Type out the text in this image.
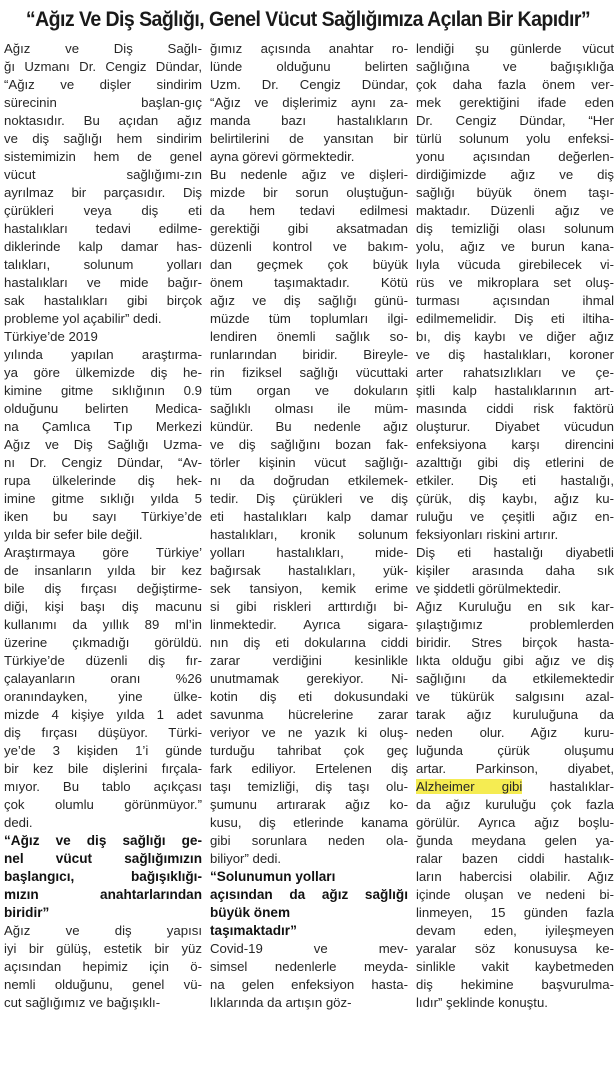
“Ağız Ve Diş Sağlığı, Genel Vücut Sağlığımıza Açılan Bir Kapıdır”
Ağız ve Diş Sağlı-
ğı Uzmanı Dr. Cengiz Dündar,
“Ağız ve dişler sindirim
sürecinin başlan-gıç
noktasıdır. Bu açıdan ağız
ve diş sağlığı hem sindirim
sistemimizin hem de genel
vücut sağlığımı-zın
ayrılmaz bir parçasıdır. Diş
çürükleri veya diş eti
hastalıkları tedavi edilme-
diklerinde kalp damar has-
talıkları, solunum yolları
hastalıkları ve mide bağır-
sak hastalıkları gibi birçok
probleme yol açabilir” dedi.
Türkiye’de 2019
yılında yapılan araştırma-
ya göre ülkemizde diş he-
kimine gitme sıklığının 0.9
olduğunu belirten Medica-
na Çamlıca Tıp Merkezi
Ağız ve Diş Sağlığı Uzma-
nı Dr. Cengiz Dündar, “Av-
rupa ülkelerinde diş hek-
imine gitme sıklığı yılda 5
iken bu sayı Türkiye’de
yılda bir sefer bile değil.
Araştırmaya göre Türkiye’
de insanların yılda bir kez
bile diş fırçası değiştirme-
diği, kişi başı diş macunu
kullanımı da yıllık 89 ml’in
üzerine çıkmadığı görüldü.
Türkiye’de düzenli diş fır-
çalayanların oranı %26
oranındayken, yine ülke-
mizde 4 kişiye yılda 1 adet
diş fırçası düşüyor. Türki-
ye’de 3 kişiden 1’i günde
bir kez bile dişlerini fırçala-
mıyor. Bu tablo açıkçası
çok olumlu görünmüyor.”
dedi.
“Ağız ve diş sağlığı ge-
nel vücut sağlığımızın
başlangıcı, bağışıklığı-
mızın anahtarlarından
biridir”
Ağız ve diş yapısı
iyi bir gülüş, estetik bir yüz
açısından hepimiz için ö-
nemli olduğunu, genel vü-
cut sağlığımız ve bağışıklı-
ğımız açısında anahtar ro-
lünde olduğunu belirten
Uzm. Dr. Cengiz Dündar,
“Ağız ve dişlerimiz aynı za-
manda bazı hastalıkların
belirtilerini de yansıtan bir
ayna görevi görmektedir.
Bu nedenle ağız ve dişleri-
mizde bir sorun oluştuğun-
da hem tedavi edilmesi
gerektiği gibi aksatmadan
düzenli kontrol ve bakım-
dan geçmek çok büyük
önem taşımaktadır. Kötü
ağız ve diş sağlığı günü-
müzde tüm toplumları ilgi-
lendiren önemli sağlık so-
runlarından biridir. Bireyle-
rin fiziksel sağlığı vücuttaki
tüm organ ve dokuların
sağlıklı olması ile müm-
kündür. Bu nedenle ağız
ve diş sağlığını bozan fak-
törler kişinin vücut sağlığı-
nı da doğrudan etkilemek-
tedir. Diş çürükleri ve diş
eti hastalıkları kalp damar
hastalıkları, kronik solunum
yolları hastalıkları, mide-
bağırsak hastalıkları, yük-
sek tansiyon, kemik erime
si gibi riskleri arttırdığı bi-
linmektedir. Ayrıca sigara-
nın diş eti dokularına ciddi
zarar verdiğini kesinlikle
unutmamak gerekiyor. Ni-
kotin diş eti dokusundaki
savunma hücrelerine zarar
veriyor ve ne yazık ki oluş-
turduğu tahribat çok geç
fark ediliyor. Ertelenen diş
taşı temizliği, diş taşı olu-
şumunu artırarak ağız ko-
kusu, diş etlerinde kanama
gibi sorunlara neden ola-
biliyor” dedi.
“Solunumun yolları
açısından da ağız sağlığı
büyük önem
taşımaktadır”
Covid-19 ve mev-
simsel nedenlerle meyda-
na gelen enfeksiyon hasta-
lıklarında da artışın göz-
lendiği şu günlerde vücut
sağlığına ve bağışıklığa
çok daha fazla önem ver-
mek gerektiğini ifade eden
Dr. Cengiz Dündar, “Her
türlü solunum yolu enfeksi-
yonu açısından değerlen-
dirdiğimizde ağız ve diş
sağlığı büyük önem taşı-
maktadır. Düzenli ağız ve
diş temizliği olası solunum
yolu, ağız ve burun kana-
lıyla vücuda girebilecek vi-
rüs ve mikroplara set oluş-
turması açısından ihmal
edilmemelidir. Diş eti iltiha-
bı, diş kaybı ve diğer ağız
ve diş hastalıkları, koroner
arter rahatsızlıkları ve çe-
şitli kalp hastalıklarının art-
masında ciddi risk faktörü
oluşturur. Diyabet vücudun
enfeksiyona karşı direncini
azalttığı gibi diş etlerini de
etkiler. Diş eti hastalığı,
çürük, diş kaybı, ağız ku-
ruluğu ve çeşitli ağız en-
feksiyonları riskini artırır.
Diş eti hastalığı diyabetli
kişiler arasında daha sık
ve şiddetli görülmektedir.
Ağız Kuruluğu en sık kar-
şılaştığımız problemlerden
biridir. Stres birçok hasta-
lıkta olduğu gibi ağız ve diş
sağlığını da etkilemektedir
ve tükürük salgısını azal-
tarak ağız kuruluğuna da
neden olur. Ağız kuru-
luğunda çürük oluşumu
artar. Parkinson, diyabet,
Alzheimer gibi hastalıklar-
da ağız kuruluğu çok fazla
görülür. Ayrıca ağız boşlu-
ğunda meydana gelen ya-
ralar bazen ciddi hastalık-
ların habercisi olabilir. Ağız
içinde oluşan ve nedeni bi-
linmeyen, 15 günden fazla
devam eden, iyileşmeyen
yaralar söz konusuysa ke-
sinlikle vakit kaybetmeden
diş hekimine başvurulma-
lıdır” şeklinde konuştu.
